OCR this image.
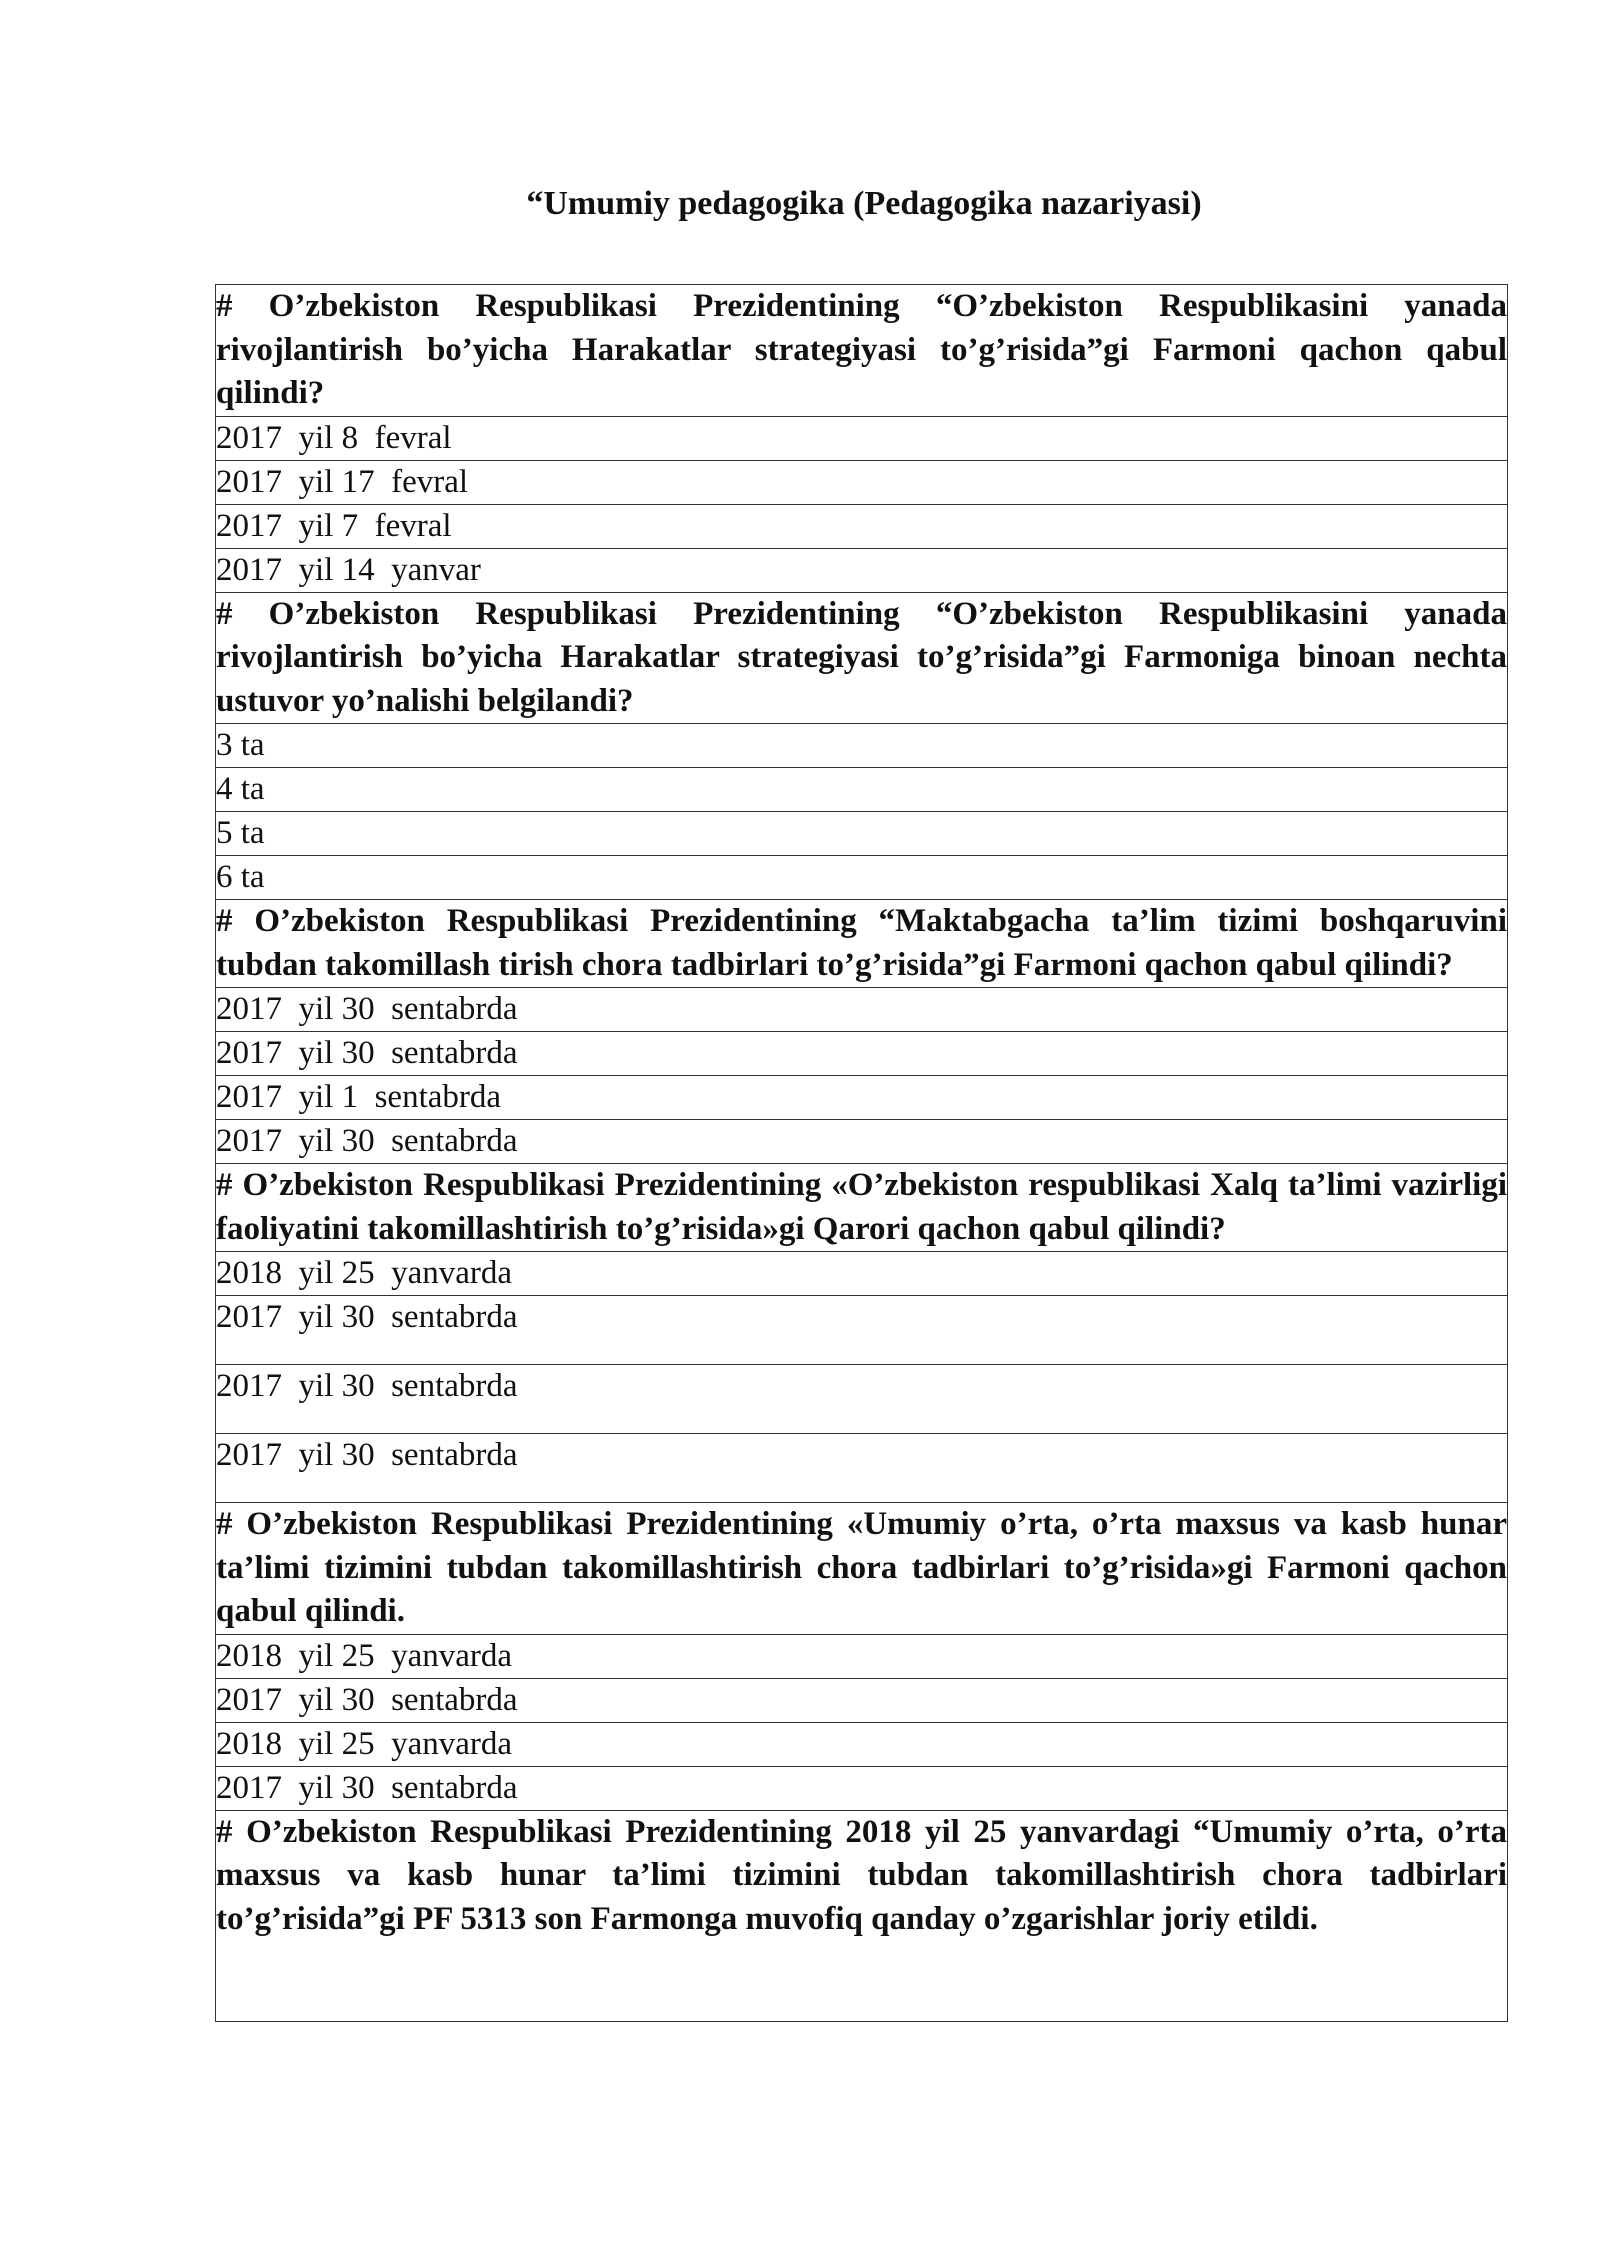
“Umumiy pedagogika (Pedagogika nazariyasi)
# O’zbekiston Respublikasi Prezidentining “O’zbekiston Respublikasini yanada rivojlantirish bo’yicha Harakatlar strategiyasi to’g’risida”gi Farmoni qachon qabul qilindi?
2017  yil 8  fevral
2017  yil 17  fevral
2017  yil 7  fevral
2017  yil 14  yanvar
# O’zbekiston Respublikasi Prezidentining “O’zbekiston Respublikasini yanada rivojlantirish bo’yicha Harakatlar strategiyasi to’g’risida”gi Farmoniga binoan nechta ustuvor yo’nalishi belgilandi?
3 ta
4 ta
5 ta
6 ta
# O’zbekiston Respublikasi Prezidentining “Maktabgacha ta’lim tizimi boshqaruvini tubdan takomillash tirish chora tadbirlari to’g’risida”gi Farmoni qachon qabul qilindi?
2017  yil 30  sentabrda
2017  yil 30  sentabrda
2017  yil 1  sentabrda
2017  yil 30  sentabrda
# O’zbekiston Respublikasi Prezidentining «O’zbekiston respublikasi Xalq ta’limi vazirligi faoliyatini takomillashtirish to’g’risida»gi Qarori qachon qabul qilindi?
2018  yil 25  yanvarda

2017  yil 30  sentabrda

2017  yil 30  sentabrda

2017  yil 30  sentabrda

# O’zbekiston Respublikasi Prezidentining «Umumiy o’rta, o’rta maxsus va kasb hunar ta’limi tizimini tubdan takomillashtirish chora tadbirlari to’g’risida»gi Farmoni qachon qabul qilindi.
2018  yil 25  yanvarda
2017  yil 30  sentabrda
2018  yil 25  yanvarda
2017  yil 30  sentabrda
# O’zbekiston Respublikasi Prezidentining 2018 yil 25 yanvardagi “Umumiy o’rta, o’rta maxsus va kasb hunar ta’limi tizimini tubdan takomillashtirish chora tadbirlari to’g’risida”gi PF 5313 son Farmonga muvofiq qanday o’zgarishlar joriy etildi.
